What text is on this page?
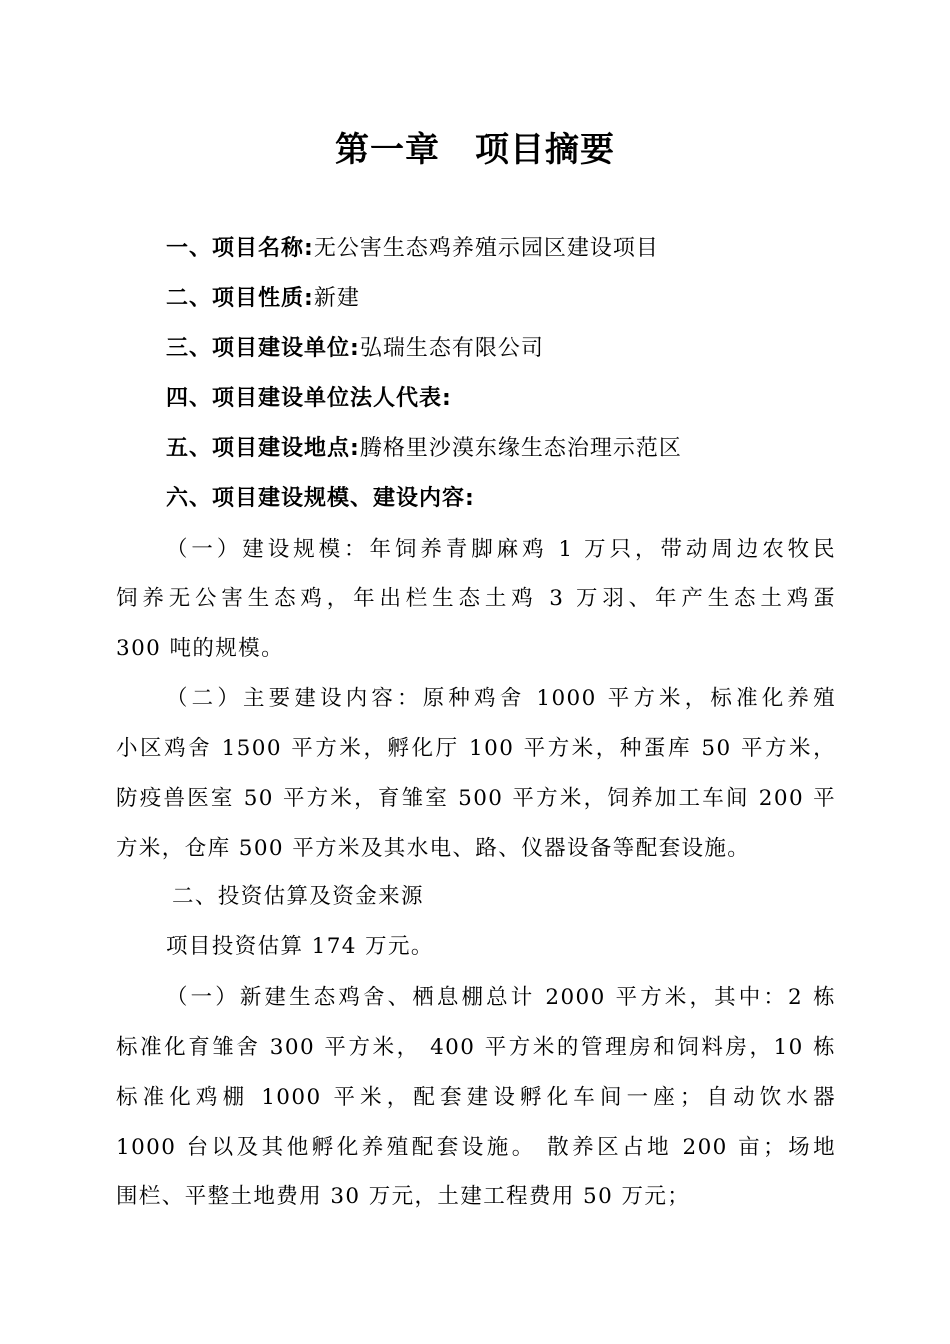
第一章　项目摘要
一、项目名称:无公害生态鸡养殖示园区建设项目
二、项目性质:新建
三、项目建设单位:弘瑞生态有限公司
四、项目建设单位法人代表:
五、项目建设地点:腾格里沙漠东缘生态治理示范区
六、项目建设规模、建设内容:
（一）建设规模：年饲养青脚麻鸡 1 万只，带动周边农牧民
饲养无公害生态鸡，年出栏生态土鸡 3 万羽、年产生态土鸡蛋
300 吨的规模。
（二）主要建设内容：原种鸡舍 1000 平方米，标准化养殖
小区鸡舍 1500 平方米，孵化厅 100 平方米，种蛋库 50 平方米，
防疫兽医室 50 平方米，育雏室 500 平方米，饲养加工车间 200 平
方米，仓库 500 平方米及其水电、路、仪器设备等配套设施。
二、投资估算及资金来源
项目投资估算 174 万元。
（一）新建生态鸡舍、栖息棚总计 2000 平方米，其中：2 栋
标准化育雏舍 300 平方米， 400 平方米的管理房和饲料房，10 栋
标准化鸡棚 1000 平米，配套建设孵化车间一座；自动饮水器
1000 台以及其他孵化养殖配套设施。 散养区占地 200 亩；场地
围栏、平整土地费用 30 万元，土建工程费用 50 万元；
